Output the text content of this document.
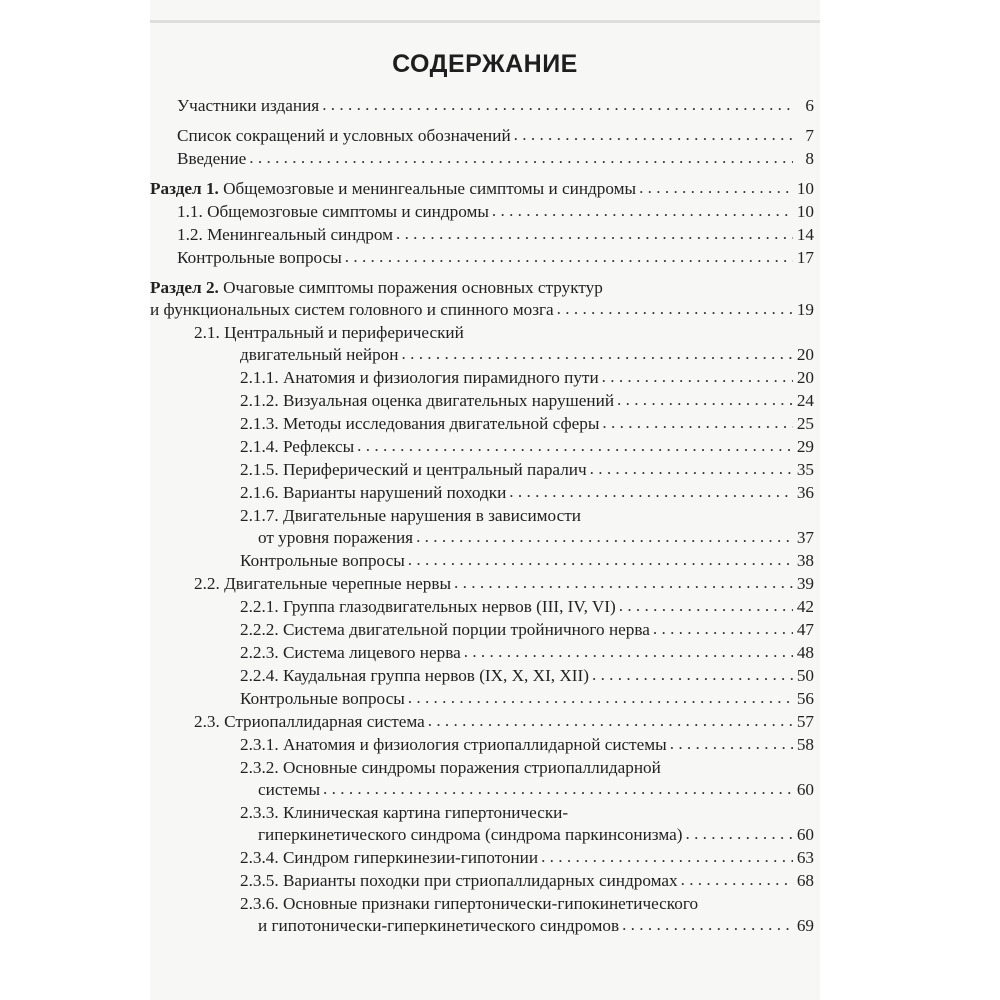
СОДЕРЖАНИЕ
Участники издания . . .	6
Список сокращений и условных обозначений . . .	7
Введение . . .	8
Раздел 1. Общемозговые и менингеальные симптомы и синдромы . . .	10
1.1. Общемозговые симптомы и синдромы . . .	10
1.2. Менингеальный синдром . . .	14
Контрольные вопросы . . .	17
Раздел 2. Очаговые симптомы поражения основных структур
и функциональных систем головного и спинного мозга . . .	19
2.1. Центральный и периферический
двигательный нейрон . . .	20
2.1.1. Анатомия и физиология пирамидного пути . . .	20
2.1.2. Визуальная оценка двигательных нарушений . . .	24
2.1.3. Методы исследования двигательной сферы . . .	25
2.1.4. Рефлексы . . .	29
2.1.5. Периферический и центральный паралич . . .	35
2.1.6. Варианты нарушений походки . . .	36
2.1.7. Двигательные нарушения в зависимости
от уровня поражения . . .	37
Контрольные вопросы . . .	38
2.2. Двигательные черепные нервы . . .	39
2.2.1. Группа глазодвигательных нервов (III, IV, VI) . . .	42
2.2.2. Система двигательной порции тройничного нерва . . .	47
2.2.3. Система лицевого нерва . . .	48
2.2.4. Каудальная группа нервов (IX, X, XI, XII) . . .	50
Контрольные вопросы . . .	56
2.3. Стриопаллидарная система . . .	57
2.3.1. Анатомия и физиология стриопаллидарной системы . . .	58
2.3.2. Основные синдромы поражения стриопаллидарной
системы . . .	60
2.3.3. Клиническая картина гипертонически-
гиперкинетического синдрома (синдрома паркинсонизма) . . .	60
2.3.4. Синдром гиперкинезии-гипотонии . . .	63
2.3.5. Варианты походки при стриопаллидарных синдромах . . .	68
2.3.6. Основные признаки гипертонически-гипокинетического
и гипотонически-гиперкинетического синдромов . . .	69
